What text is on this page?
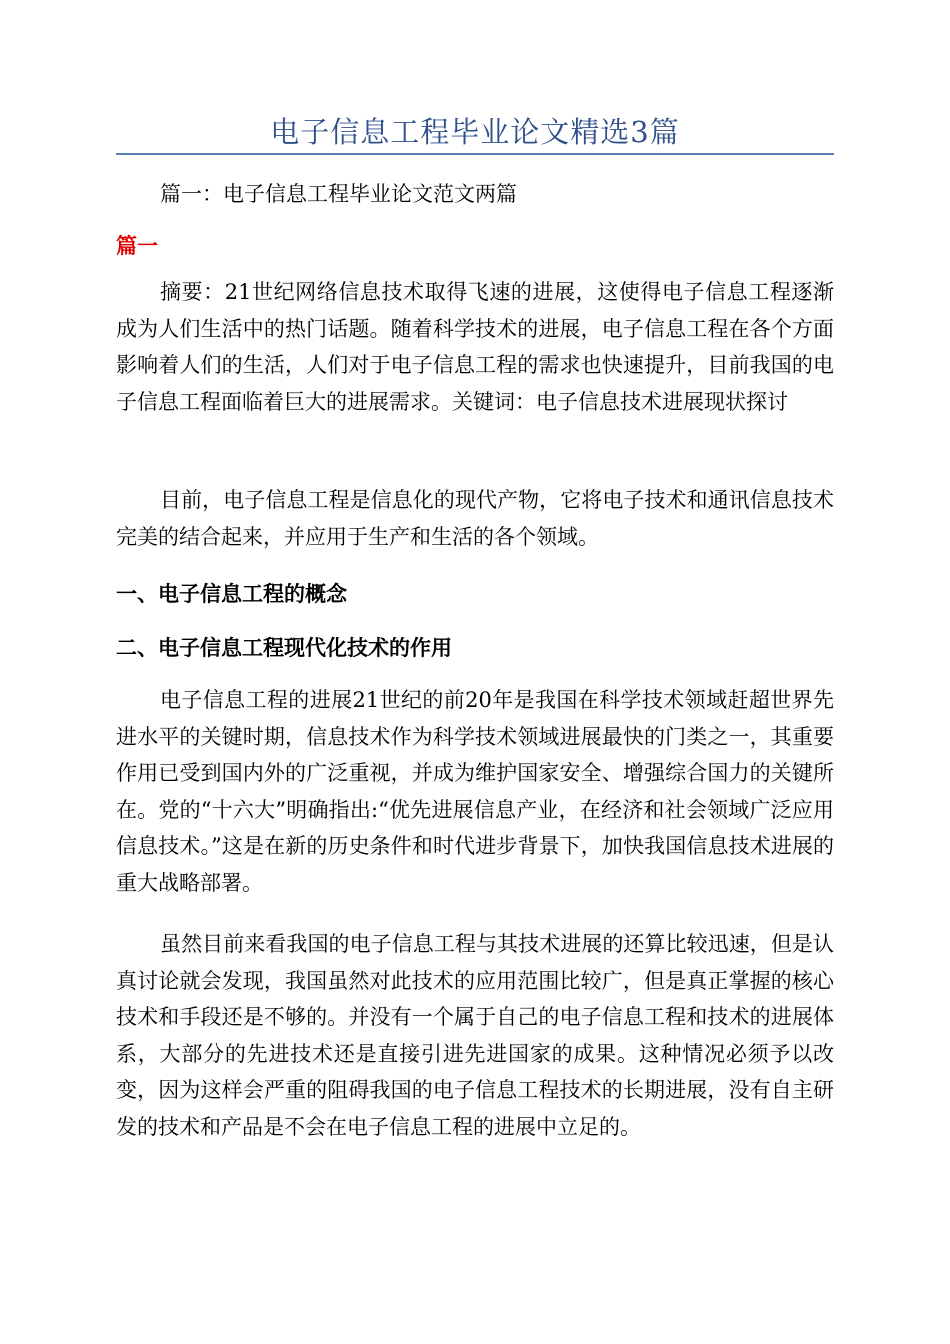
电子信息工程毕业论文精选3篇

篇一：电子信息工程毕业论文范文两篇

篇一

摘要：21世纪网络信息技术取得飞速的进展，这使得电子信息工程逐渐成为人们生活中的热门话题。随着科学技术的进展，电子信息工程在各个方面影响着人们的生活，人们对于电子信息工程的需求也快速提升，目前我国的电子信息工程面临着巨大的进展需求。关键词：电子信息技术进展现状探讨

目前，电子信息工程是信息化的现代产物，它将电子技术和通讯信息技术完美的结合起来，并应用于生产和生活的各个领域。

一、电子信息工程的概念
二、电子信息工程现代化技术的作用

电子信息工程的进展21世纪的前20年是我国在科学技术领域赶超世界先进水平的关键时期，信息技术作为科学技术领域进展最快的门类之一，其重要作用已受到国内外的广泛重视，并成为维护国家安全、增强综合国力的关键所在。党的“十六大”明确指出:“优先进展信息产业，在经济和社会领域广泛应用信息技术。”这是在新的历史条件和时代进步背景下，加快我国信息技术进展的重大战略部署。

虽然目前来看我国的电子信息工程与其技术进展的还算比较迅速，但是认真讨论就会发现，我国虽然对此技术的应用范围比较广，但是真正掌握的核心技术和手段还是不够的。并没有一个属于自己的电子信息工程和技术的进展体系，大部分的先进技术还是直接引进先进国家的成果。这种情况必须予以改变，因为这样会严重的阻碍我国的电子信息工程技术的长期进展，没有自主研发的技术和产品是不会在电子信息工程的进展中立足的。
